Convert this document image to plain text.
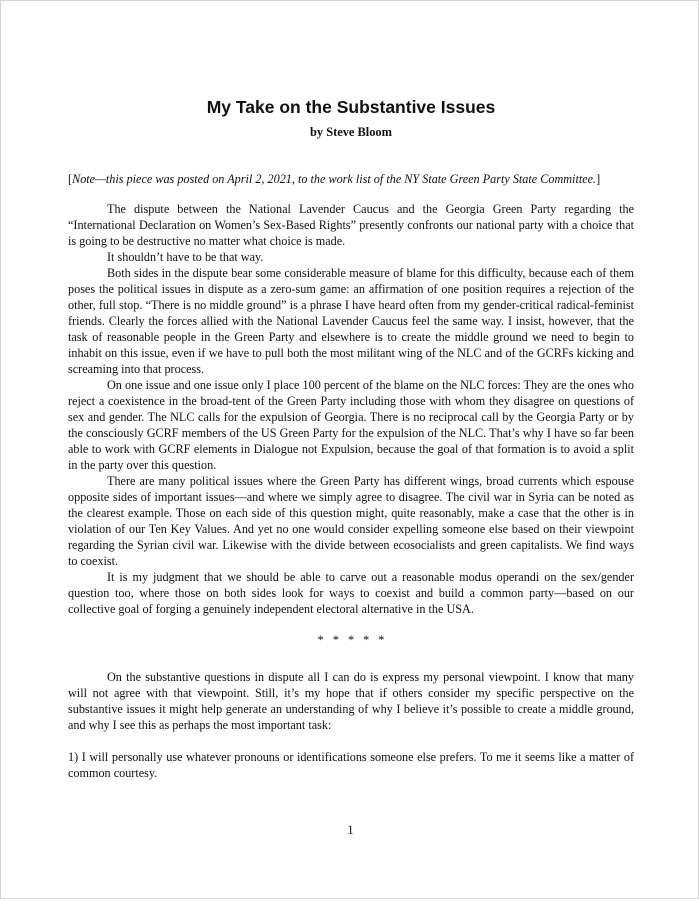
My Take on the Substantive Issues

by Steve Bloom

[Note—this piece was posted on April 2, 2021, to the work list of the NY State Green Party State Committee.]

The dispute between the National Lavender Caucus and the Georgia Green Party regarding the “International Declaration on Women’s Sex-Based Rights” presently confronts our national party with a choice that is going to be destructive no matter what choice is made.

It shouldn’t have to be that way.

Both sides in the dispute bear some considerable measure of blame for this difficulty, because each of them poses the political issues in dispute as a zero-sum game: an affirmation of one position requires a rejection of the other, full stop. “There is no middle ground” is a phrase I have heard often from my gender-critical radical-feminist friends. Clearly the forces allied with the National Lavender Caucus feel the same way. I insist, however, that the task of reasonable people in the Green Party and elsewhere is to create the middle ground we need to begin to inhabit on this issue, even if we have to pull both the most militant wing of the NLC and of the GCRFs kicking and screaming into that process.

On one issue and one issue only I place 100 percent of the blame on the NLC forces: They are the ones who reject a coexistence in the broad-tent of the Green Party including those with whom they disagree on questions of sex and gender. The NLC calls for the expulsion of Georgia. There is no reciprocal call by the Georgia Party or by the consciously GCRF members of the US Green Party for the expulsion of the NLC. That’s why I have so far been able to work with GCRF elements in Dialogue not Expulsion, because the goal of that formation is to avoid a split in the party over this question.

There are many political issues where the Green Party has different wings, broad currents which espouse opposite sides of important issues—and where we simply agree to disagree. The civil war in Syria can be noted as the clearest example. Those on each side of this question might, quite reasonably, make a case that the other is in violation of our Ten Key Values. And yet no one would consider expelling someone else based on their viewpoint regarding the Syrian civil war. Likewise with the divide between ecosocialists and green capitalists. We find ways to coexist.

It is my judgment that we should be able to carve out a reasonable modus operandi on the sex/gender question too, where those on both sides look for ways to coexist and build a common party—based on our collective goal of forging a genuinely independent electoral alternative in the USA.

* * * * *

On the substantive questions in dispute all I can do is express my personal viewpoint. I know that many will not agree with that viewpoint. Still, it’s my hope that if others consider my specific perspective on the substantive issues it might help generate an understanding of why I believe it’s possible to create a middle ground, and why I see this as perhaps the most important task:

1) I will personally use whatever pronouns or identifications someone else prefers. To me it seems like a matter of common courtesy.

1
